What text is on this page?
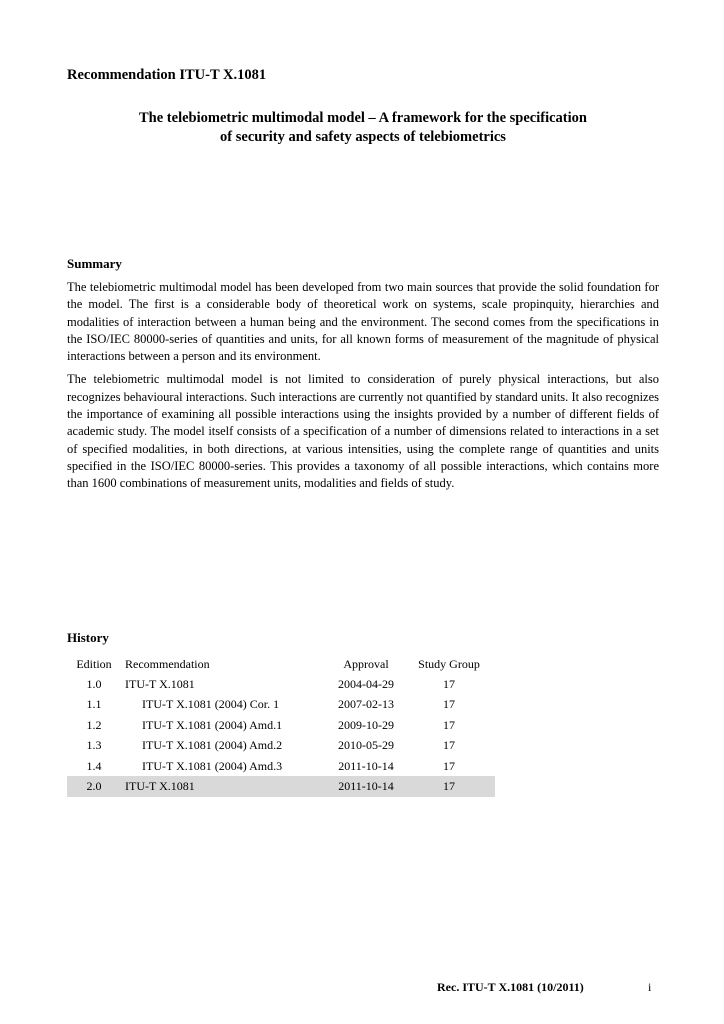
Recommendation ITU-T X.1081
The telebiometric multimodal model – A framework for the specification
of security and safety aspects of telebiometrics
Summary

The telebiometric multimodal model has been developed from two main sources that provide the solid foundation for the model. The first is a considerable body of theoretical work on systems, scale propinquity, hierarchies and modalities of interaction between a human being and the environment. The second comes from the specifications in the ISO/IEC 80000-series of quantities and units, for all known forms of measurement of the magnitude of physical interactions between a person and its environment.

The telebiometric multimodal model is not limited to consideration of purely physical interactions, but also recognizes behavioural interactions. Such interactions are currently not quantified by standard units. It also recognizes the importance of examining all possible interactions using the insights provided by a number of different fields of academic study. The model itself consists of a specification of a number of dimensions related to interactions in a set of specified modalities, in both directions, at various intensities, using the complete range of quantities and units specified in the ISO/IEC 80000-series. This provides a taxonomy of all possible interactions, which contains more than 1600 combinations of measurement units, modalities and fields of study.

History
Edition	Recommendation	Approval	Study Group
1.0	ITU-T X.1081	2004-04-29	17
1.1	ITU-T X.1081 (2004) Cor. 1	2007-02-13	17
1.2	ITU-T X.1081 (2004) Amd.1	2009-10-29	17
1.3	ITU-T X.1081 (2004) Amd.2	2010-05-29	17
1.4	ITU-T X.1081 (2004) Amd.3	2011-10-14	17
2.0	ITU-T X.1081	2011-10-14	17
Rec. ITU-T X.1081 (10/2011)	i
